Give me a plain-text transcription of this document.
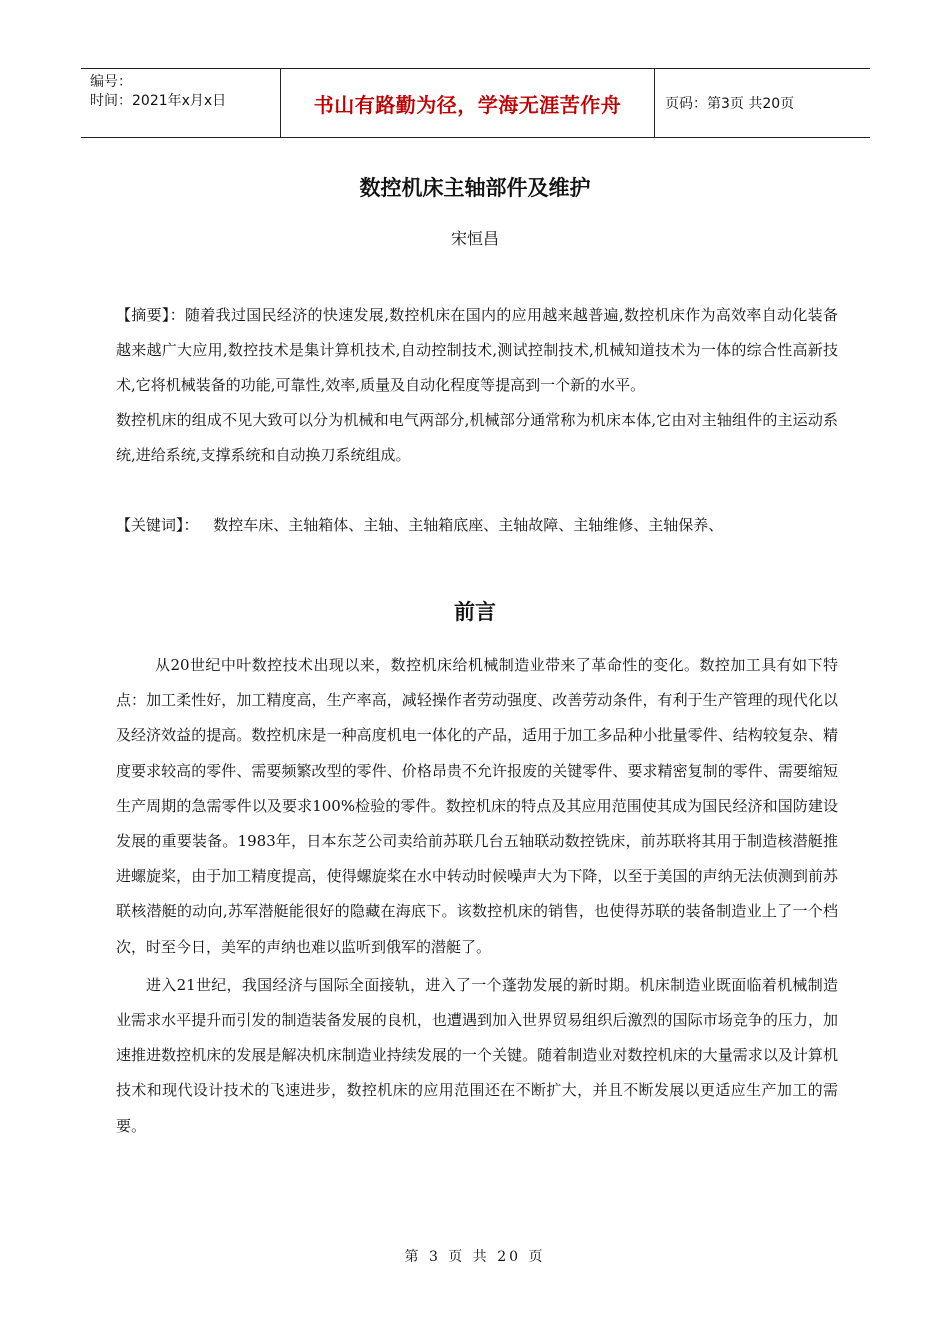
编号：
时间：2021年x月x日	书山有路勤为径，学海无涯苦作舟	页码：第3页 共20页
数控机床主轴部件及维护
宋恒昌

【摘要】：随着我过国民经济的快速发展,数控机床在国内的应用越来越普遍,数控机床作为高效率自动化装备越来越广大应用,数控技术是集计算机技术,自动控制技术,测试控制技术,机械知道技术为一体的综合性高新技术,它将机械装备的功能,可靠性,效率,质量及自动化程度等提高到一个新的水平。

数控机床的组成不见大致可以分为机械和电气两部分,机械部分通常称为机床本体,它由对主轴组件的主运动系统,进给系统,支撑系统和自动换刀系统组成。

【关键词】： 数控车床、主轴箱体、主轴、主轴箱底座、主轴故障、主轴维修、主轴保养、
前言

从20世纪中叶数控技术出现以来，数控机床给机械制造业带来了革命性的变化。数控加工具有如下特点：加工柔性好，加工精度高，生产率高，减轻操作者劳动强度、改善劳动条件，有利于生产管理的现代化以及经济效益的提高。数控机床是一种高度机电一体化的产品，适用于加工多品种小批量零件、结构较复杂、精度要求较高的零件、需要频繁改型的零件、价格昂贵不允许报废的关键零件、要求精密复制的零件、需要缩短生产周期的急需零件以及要求100%检验的零件。数控机床的特点及其应用范围使其成为国民经济和国防建设发展的重要装备。1983年，日本东芝公司卖给前苏联几台五轴联动数控铣床，前苏联将其用于制造核潜艇推进螺旋桨，由于加工精度提高，使得螺旋桨在水中转动时候噪声大为下降，以至于美国的声纳无法侦测到前苏联核潜艇的动向,苏军潜艇能很好的隐藏在海底下。该数控机床的销售，也使得苏联的装备制造业上了一个档次，时至今日，美军的声纳也难以监听到俄军的潜艇了。

进入21世纪，我国经济与国际全面接轨，进入了一个蓬勃发展的新时期。机床制造业既面临着机械制造业需求水平提升而引发的制造装备发展的良机，也遭遇到加入世界贸易组织后激烈的国际市场竞争的压力，加速推进数控机床的发展是解决机床制造业持续发展的一个关键。随着制造业对数控机床的大量需求以及计算机技术和现代设计技术的飞速进步，数控机床的应用范围还在不断扩大，并且不断发展以更适应生产加工的需要。

第 3 页 共 20 页
